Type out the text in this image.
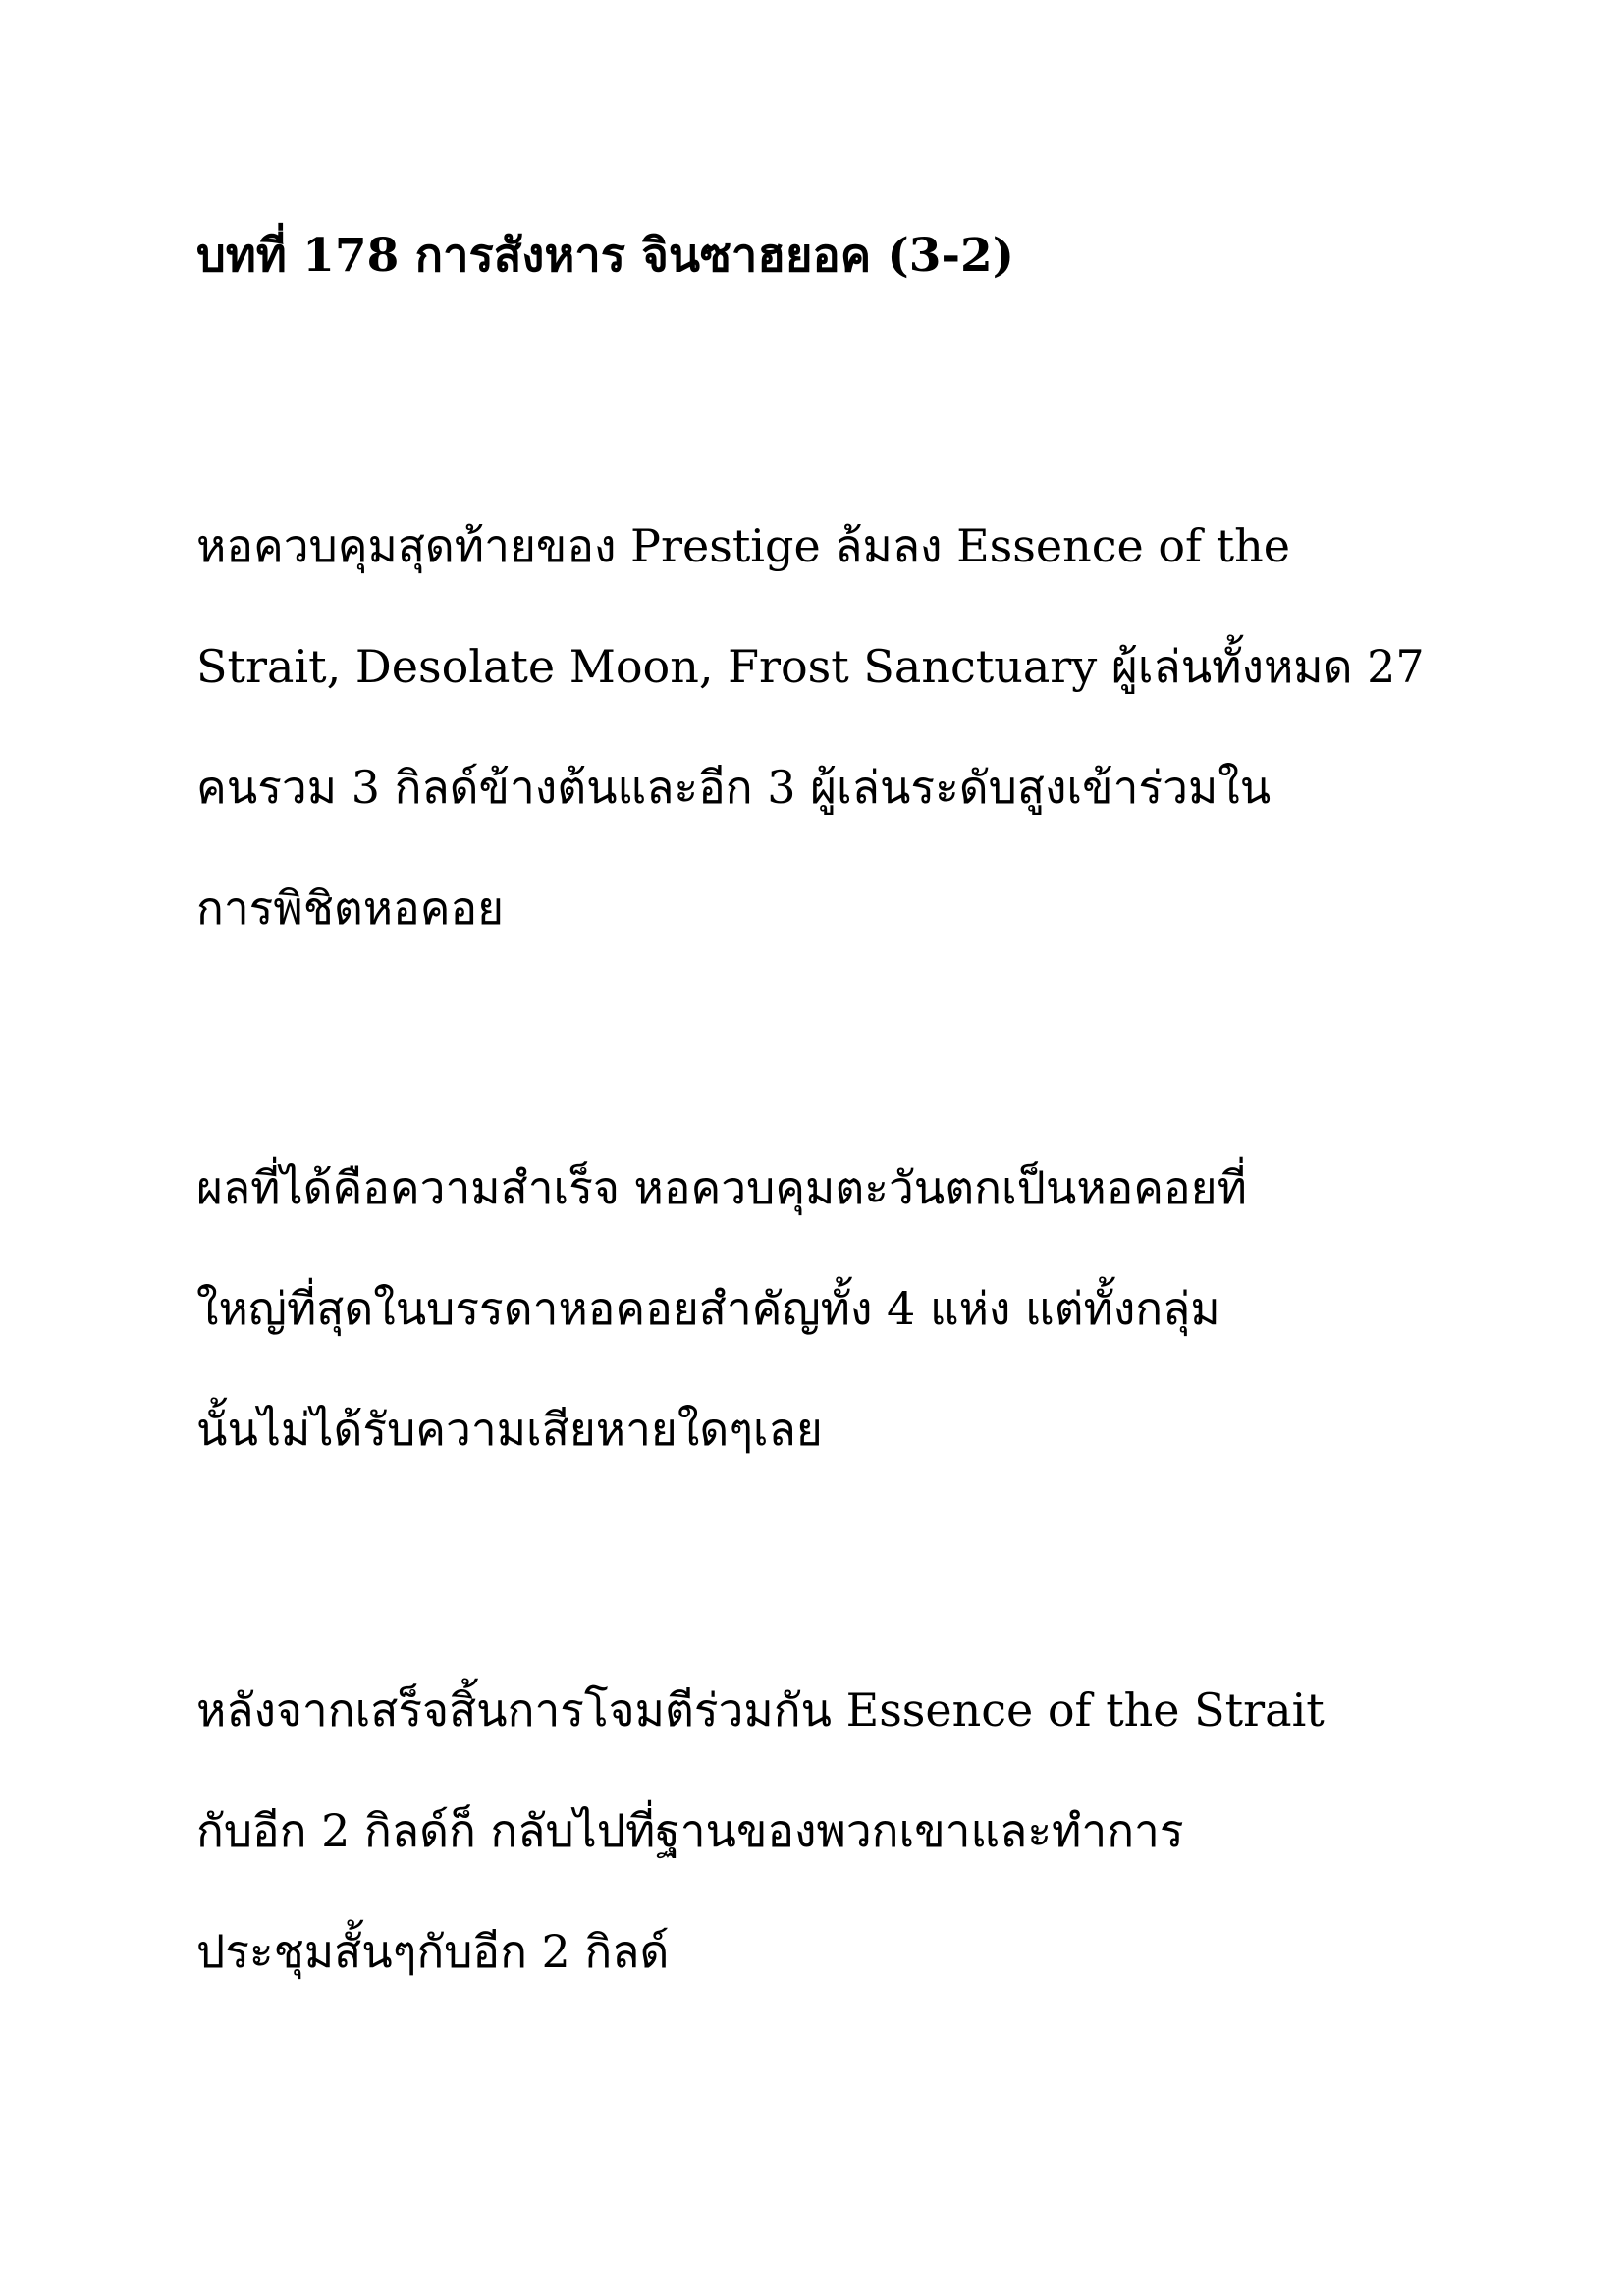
บทที่ 178 การสังหาร จินซาฮยอค (3-2)

หอควบคุมสุดท้ายของ Prestige ล้มลง Essence of the
Strait, Desolate Moon, Frost Sanctuary ผู้เล่นทั้งหมด 27
คนรวม 3 กิลด์ข้างต้นและอีก 3 ผู้เล่นระดับสูงเข้าร่วมใน
การพิชิตหอคอย

ผลที่ได้คือความสำเร็จ หอควบคุมตะวันตกเป็นหอคอยที่
ใหญ่ที่สุดในบรรดาหอคอยสำคัญทั้ง 4 แห่ง แต่ทั้งกลุ่ม
นั้นไม่ได้รับความเสียหายใดๆเลย

หลังจากเสร็จสิ้นการโจมตีร่วมกัน Essence of the Strait
กับอีก 2 กิลด์ก็ กลับไปที่ฐานของพวกเขาและทำการ
ประชุมสั้นๆกับอีก 2 กิลด์
